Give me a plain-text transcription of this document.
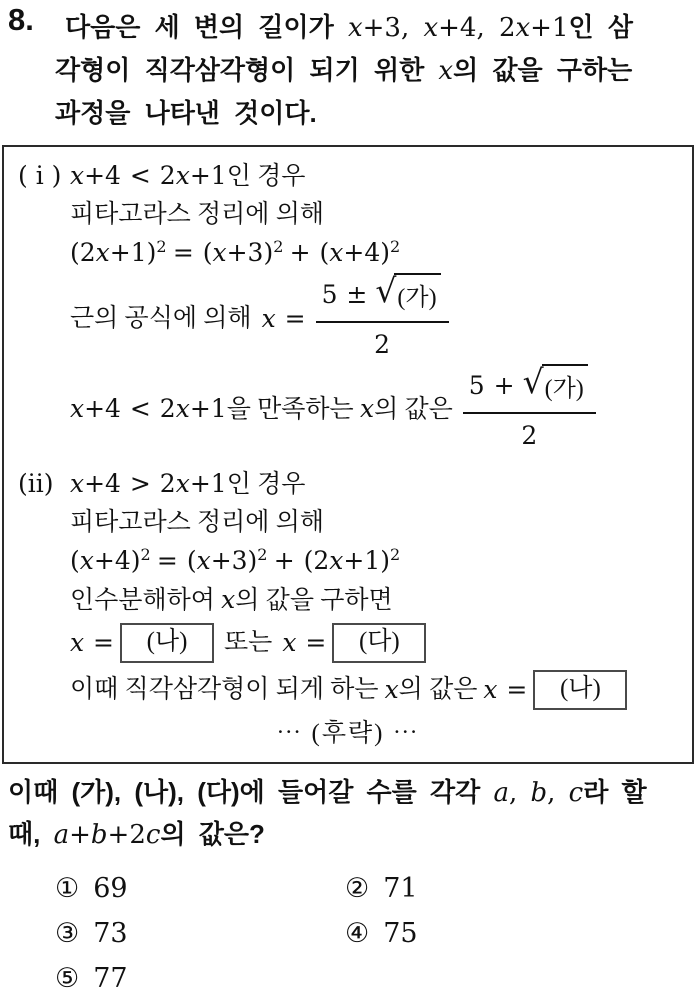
8.	다음은 세 변의 길이가 x+3, x+4, 2x+1인 삼
각형이 직각삼각형이 되기 위한 x의 값을 구하는
과정을 나타낸 것이다.
( i ) x+4 < 2x+1인 경우
피타고라스 정리에 의해
$(2x+1)^2 = (x+3)^2 + (x+4)^2$
근의 공식에 의해 $x = \frac{\text{5 ± √ (가)}}{2}$
x+4 < 2x+1을 만족하는 x의 값은 $\frac{\text{5 + √ (가)}}{2}$
(ii) x+4 > 2x+1인 경우
피타고라스 정리에 의해
$(x+4)^2 = (x+3)^2 + (2x+1)^2$
인수분해하여 x의 값을 구하면
x =	(나)	또는 x =	(다)
이때 직각삼각형이 되게 하는 x 의 값은 x =	(나)
⋯ (후략) ⋯
이때 (가), (나), (다)에 들어갈 수를 각각 a, b, c라 할
때, a+b+2c의 값은?
① 69	② 71
③ 73	④ 75
⑤ 77
